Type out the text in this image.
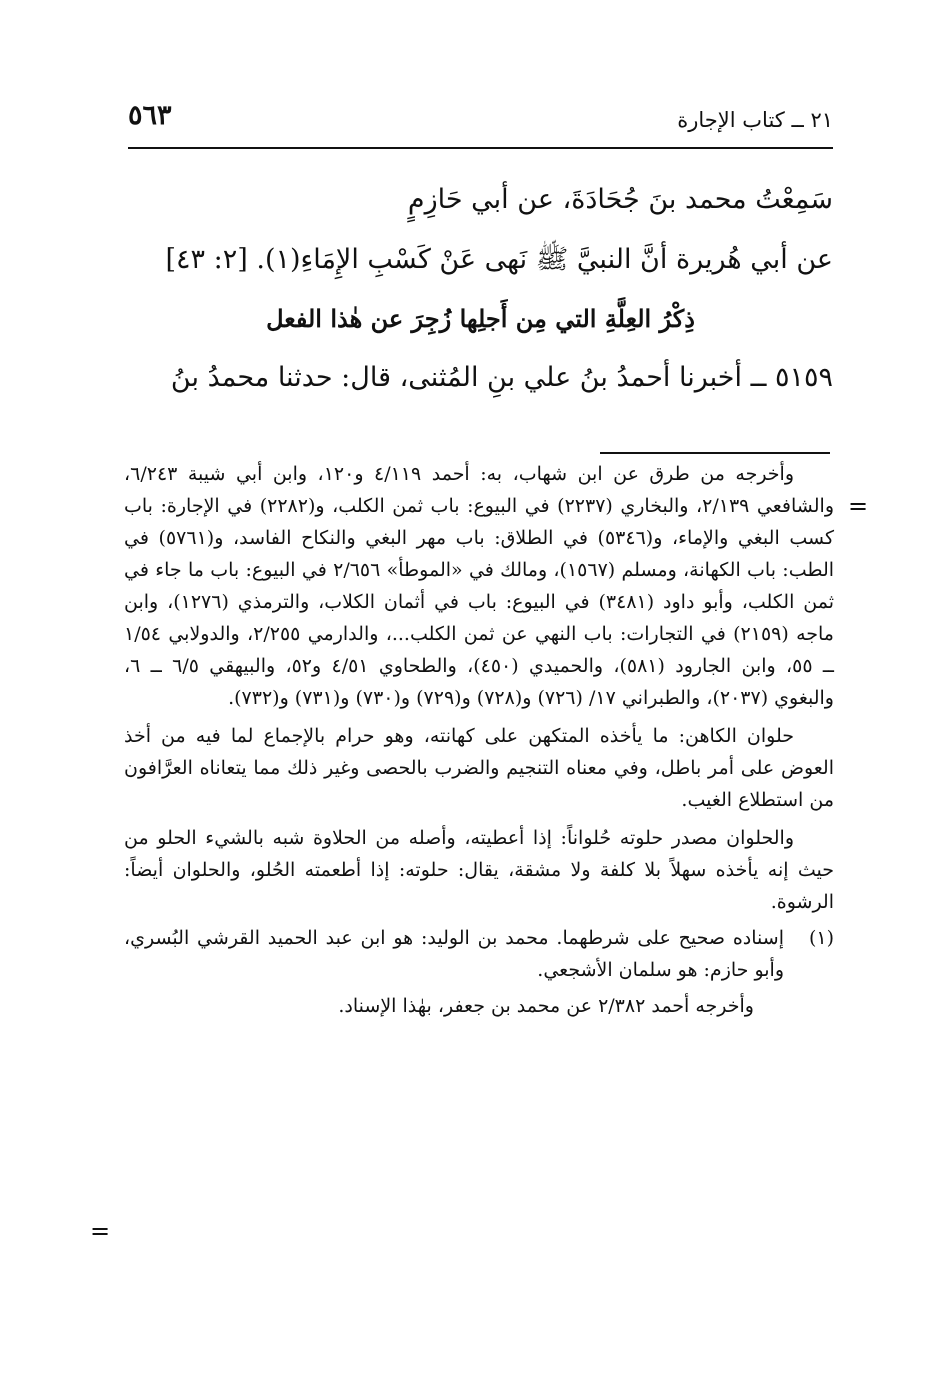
٢١ ــ كتاب الإجارة
٥٦٣
سَمِعْتُ محمد بنَ جُحَادَةَ، عن أبي حَازِمٍ
عن أبي هُريرة أنَّ النبيَّ ﷺ نَهى عَنْ كَسْبِ الإِمَاءِ(١). [٢: ٤٣]
ذِكْرُ العِلَّةِ التي مِن أَجلِها زُجِرَ عن هٰذا الفعل
٥١٥٩ ــ أخبرنا أحمدُ بنُ علي بنِ المُثنى، قال: حدثنا محمدُ بنُ

وأخرجه من طرق عن ابن شهاب، به: أحمد ٤/١١٩ و١٢٠، وابن أبي شيبة ٦/٢٤٣، والشافعي ٢/١٣٩، والبخاري (٢٢٣٧) في البيوع: باب ثمن الكلب، و(٢٢٨٢) في الإجارة: باب كسب البغي والإماء، و(٥٣٤٦) في الطلاق: باب مهر البغي والنكاح الفاسد، و(٥٧٦١) في الطب: باب الكهانة، ومسلم (١٥٦٧)، ومالك في «الموطأ» ٢/٦٥٦ في البيوع: باب ما جاء في ثمن الكلب، وأبو داود (٣٤٨١) في البيوع: باب في أثمان الكلاب، والترمذي (١٢٧٦)، وابن ماجه (٢١٥٩) في التجارات: باب النهي عن ثمن الكلب...، والدارمي ٢/٢٥٥، والدولابي ١/٥٤ ــ ٥٥، وابن الجارود (٥٨١)، والحميدي (٤٥٠)، والطحاوي ٤/٥١ و٥٢، والبيهقي ٦/٥ ــ ٦، والبغوي (٢٠٣٧)، والطبراني ١٧/ (٧٢٦) و(٧٢٨) و(٧٢٩) و(٧٣٠) و(٧٣١) و(٧٣٢).

حلوان الكاهن: ما يأخذه المتكهن على كهانته، وهو حرام بالإجماع لما فيه من أخذ العوض على أمر باطل، وفي معناه التنجيم والضرب بالحصى وغير ذلك مما يتعاناه العرَّافون من استطلاع الغيب.

والحلوان مصدر حلوته حُلواناً: إذا أعطيته، وأصله من الحلاوة شبه بالشيء الحلو من حيث إنه يأخذه سهلاً بلا كلفة ولا مشقة، يقال: حلوته: إذا أطعمته الحُلو، والحلوان أيضاً: الرشوة.

(١)

إسناده صحيح على شرطهما. محمد بن الوليد: هو ابن عبد الحميد القرشي البُسري، وأبو حازم: هو سلمان الأشجعي.

وأخرجه أحمد ٢/٣٨٢ عن محمد بن جعفر، بهٰذا الإسناد.

=
=
